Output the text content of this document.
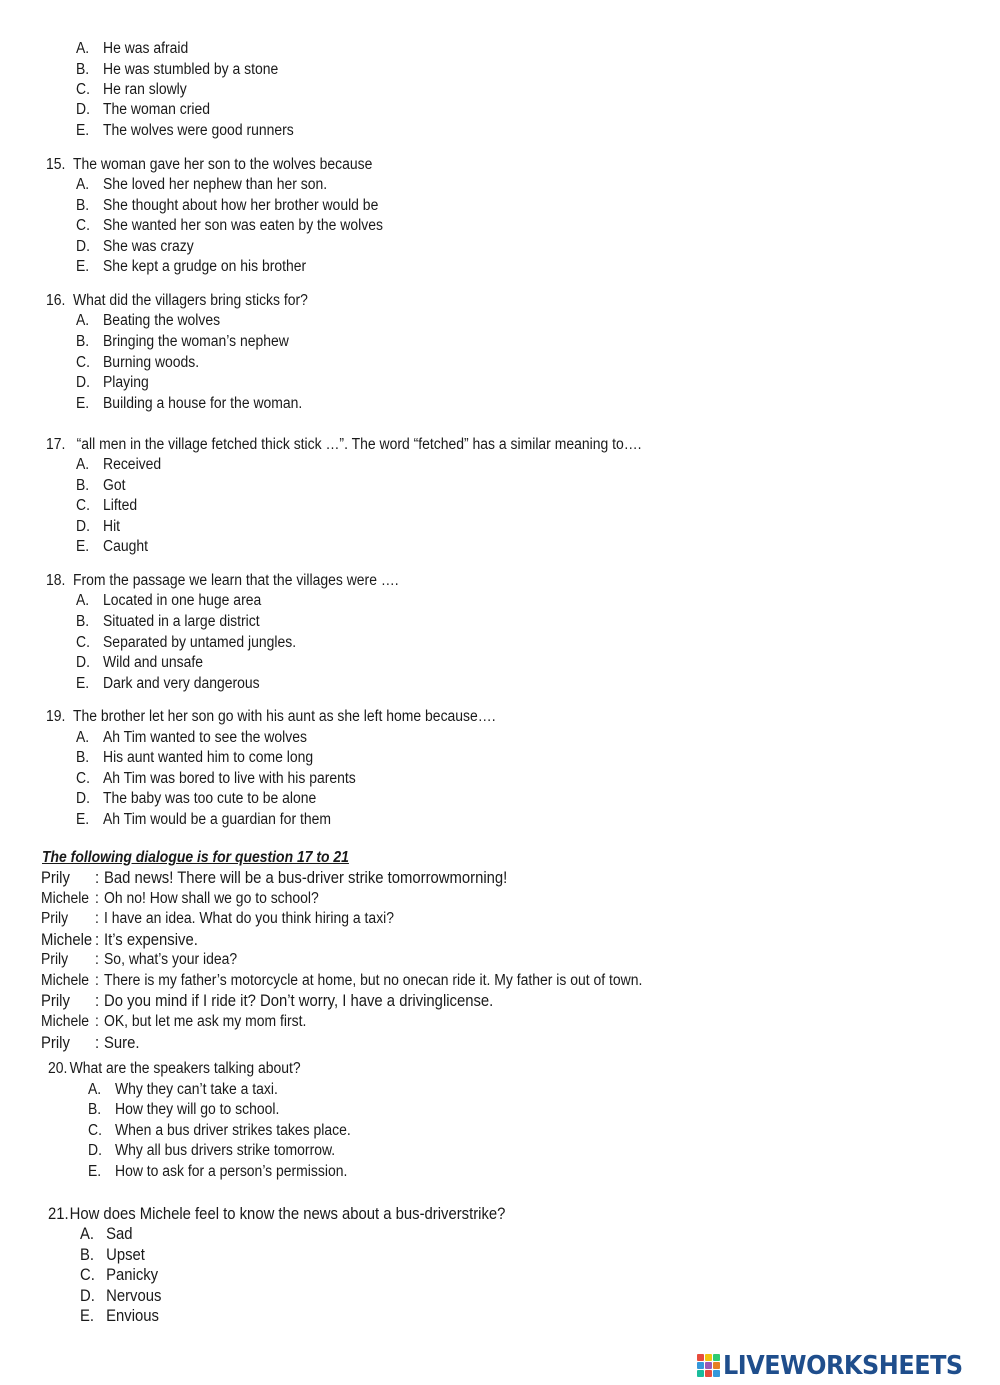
A. He was afraid
B. He was stumbled by a stone
C. He ran slowly
D. The woman cried
E. The wolves were good runners
15. The woman gave her son to the wolves because
A. She loved her nephew than her son.
B. She thought about how her brother would be
C. She wanted her son was eaten by the wolves
D. She was crazy
E. She kept a grudge on his brother
16. What did the villagers bring sticks for?
A. Beating the wolves
B. Bringing the woman’s nephew
C. Burning woods.
D. Playing
E. Building a house for the woman.
17. “all men in the village fetched thick stick …”. The word “fetched” has a similar meaning to….
A. Received
B. Got
C. Lifted
D. Hit
E. Caught
18. From the passage we learn that the villages were ….
A. Located in one huge area
B. Situated in a large district
C. Separated by untamed jungles.
D. Wild and unsafe
E. Dark and very dangerous
19. The brother let her son go with his aunt as she left home because….
A. Ah Tim wanted to see the wolves
B. His aunt wanted him to come long
C. Ah Tim was bored to live with his parents
D. The baby was too cute to be alone
E. Ah Tim would be a guardian for them
The following dialogue is for question 17 to 21
Prily : Bad news! There will be a bus-driver strike tomorrowmorning!
Michele : Oh no! How shall we go to school?
Prily : I have an idea. What do you think hiring a taxi?
Michele : It’s expensive.
Prily : So, what’s your idea?
Michele : There is my father’s motorcycle at home, but no onecan ride it. My father is out of town.
Prily : Do you mind if I ride it? Don’t worry, I have a drivinglicense.
Michele : OK, but let me ask my mom first.
Prily : Sure.
20. What are the speakers talking about?
A. Why they can’t take a taxi.
B. How they will go to school.
C. When a bus driver strikes takes place.
D. Why all bus drivers strike tomorrow.
E. How to ask for a person’s permission.
21.How does Michele feel to know the news about a bus-driverstrike?
A. Sad
B. Upset
C. Panicky
D. Nervous
E. Envious
LIVEWORKSHEETS
